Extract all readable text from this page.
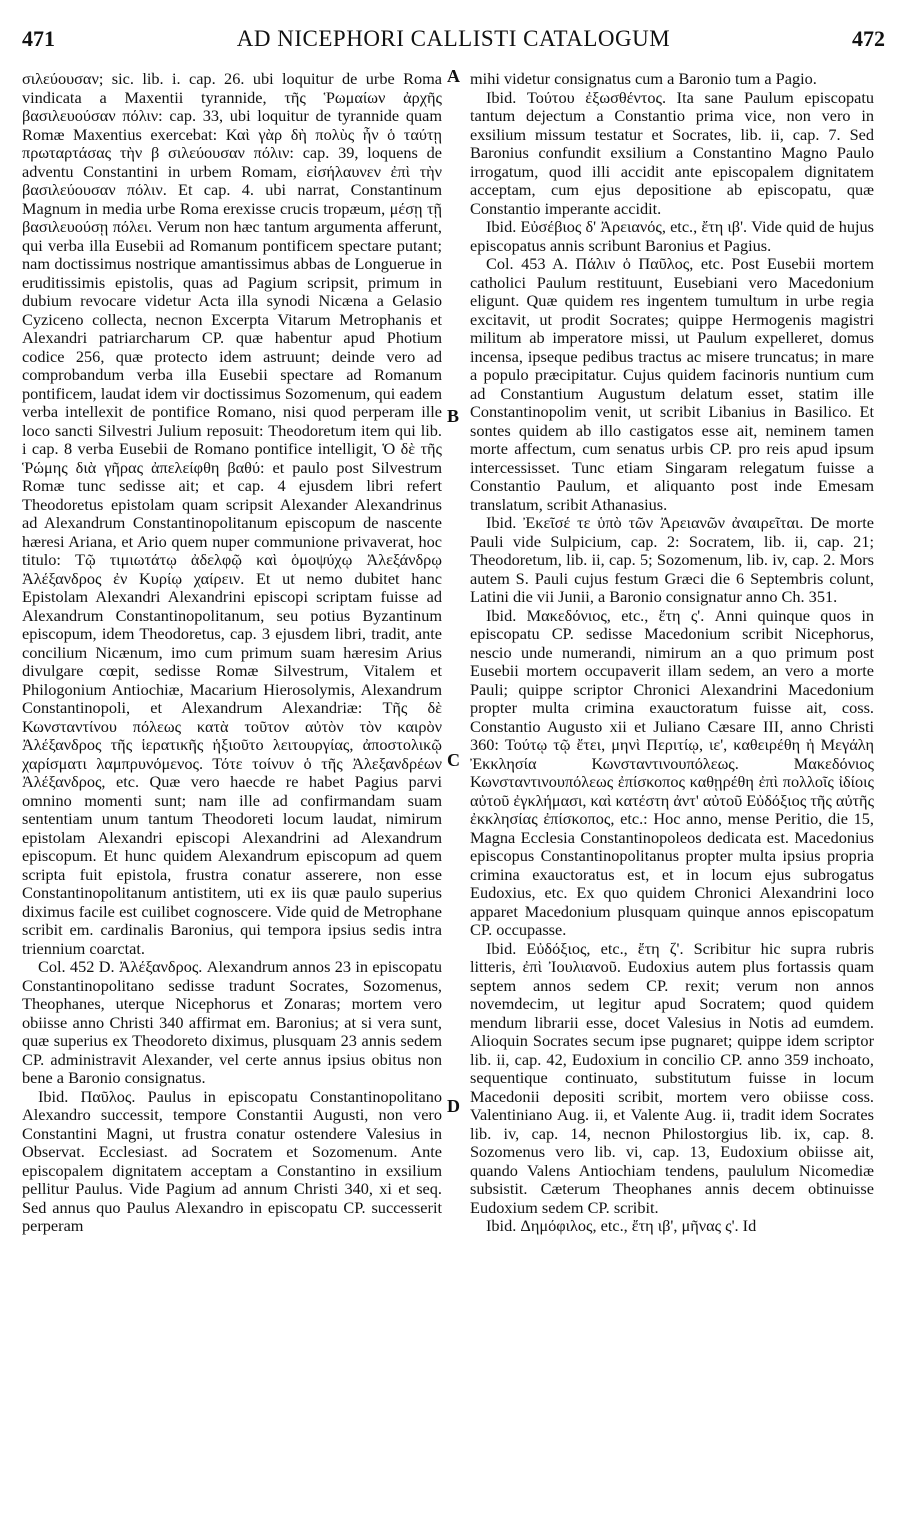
471	AD NICEPHORI CALLISTI CATALOGUM	472

σιλεύουσαν; sic. lib. i. cap. 26. ubi loquitur de urbe Roma vindicata a Maxentii tyrannide, τῆς Ῥωμαίων ἀρχῆς βασιλευούσαν πόλιν: cap. 33, ubi loquitur de tyrannide quam Romæ Maxentius exercebat: Καὶ γὰρ δὴ πολὺς ἦν ὁ ταύτῃ πρωταρτάσας τὴν β σιλεύουσαν πόλιν: cap. 39, loquens de adventu Constantini in urbem Romam, εἰσήλαυνεν ἐπὶ τὴν βασιλεύουσαν πόλιν. Et cap. 4. ubi narrat, Constantinum Magnum in media urbe Roma erexisse crucis tropæum, μέσῃ τῇ βασιλευούσῃ πόλει. Verum non hæc tantum argumenta afferunt, qui verba illa Eusebii ad Romanum pontificem spectare putant; nam doctissimus nostrique amantissimus abbas de Longuerue in eruditissimis epistolis, quas ad Pagium scripsit, primum in dubium revocare videtur Acta illa synodi Nicæna a Gelasio Cyziceno collecta, necnon Excerpta Vitarum Metrophanis et Alexandri patriarcharum CP. quæ habentur apud Photium codice 256, quæ protecto idem astruunt; deinde vero ad comprobandum verba illa Eusebii spectare ad Romanum pontificem, laudat idem vir doctissimus Sozomenum, qui eadem verba intellexit de pontifice Romano, nisi quod perperam ille loco sancti Silvestri Julium reposuit: Theodoretum item qui lib. i cap. 8 verba Eusebii de Romano pontifice intelligit, Ὁ δὲ τῆς Ῥώμης διὰ γῆρας ἀπελείφθη βαθύ: et paulo post Silvestrum Romæ tunc sedisse ait; et cap. 4 ejusdem libri refert Theodoretus epistolam quam scripsit Alexander Alexandrinus ad Alexandrum Constantinopolitanum episcopum de nascente hæresi Ariana, et Ario quem nuper communione privaverat, hoc titulo: Τῷ τιμιωτάτῳ ἀδελφῷ καὶ ὁμοψύχῳ Ἀλεξάνδρῳ Ἀλέξανδρος ἐν Κυρίῳ χαίρειν. Et ut nemo dubitet hanc Epistolam Alexandri Alexandrini episcopi scriptam fuisse ad Alexandrum Constantinopolitanum, seu potius Byzantinum episcopum, idem Theodoretus, cap. 3 ejusdem libri, tradit, ante concilium Nicænum, imo cum primum suam hæresim Arius divulgare cœpit, sedisse Romæ Silvestrum, Vitalem et Philogonium Antiochiæ, Macarium Hierosolymis, Alexandrum Constantinopoli, et Alexandrum Alexandriæ: Τῆς δὲ Κωνσταντίνου πόλεως κατὰ τοῦτον αὐτὸν τὸν καιρὸν Ἀλέξανδρος τῆς ἱερατικῆς ἡξιοῦτο λειτουργίας, ἀποστολικῷ χαρίσματι λαμπρυνόμενος. Τότε τοίνυν ὁ τῆς Ἀλεξανδρέων Ἀλέξανδρος, etc. Quæ vero haecde re habet Pagius parvi omnino momenti sunt; nam ille ad confirmandam suam sententiam unum tantum Theodoreti locum laudat, nimirum epistolam Alexandri episcopi Alexandrini ad Alexandrum episcopum. Et hunc quidem Alexandrum episcopum ad quem scripta fuit epistola, frustra conatur asserere, non esse Constantinopolitanum antistitem, uti ex iis quæ paulo superius diximus facile est cuilibet cognoscere. Vide quid de Metrophane scribit em. cardinalis Baronius, qui tempora ipsius sedis intra triennium coarctat.

Col. 452 D. Ἀλέξανδρος. Alexandrum annos 23 in episcopatu Constantinopolitano sedisse tradunt Socrates, Sozomenus, Theophanes, uterque Nicephorus et Zonaras; mortem vero obiisse anno Christi 340 affirmat em. Baronius; at si vera sunt, quæ superius ex Theodoreto diximus, plusquam 23 annis sedem CP. administravit Alexander, vel certe annus ipsius obitus non bene a Baronio consignatus.

Ibid. Παῦλος. Paulus in episcopatu Constantinopolitano Alexandro successit, tempore Constantii Augusti, non vero Constantini Magni, ut frustra conatur ostendere Valesius in Observat. Ecclesiast. ad Socratem et Sozomenum. Ante episcopalem dignitatem acceptam a Constantino in exsilium pellitur Paulus. Vide Pagium ad annum Christi 340, xi et seq. Sed annus quo Paulus Alexandro in episcopatu CP. successerit perperam

A
B
C
D

mihi videtur consignatus cum a Baronio tum a Pagio.

Ibid. Τούτου ἐξωσθέντος. Ita sane Paulum episcopatu tantum dejectum a Constantio prima vice, non vero in exsilium missum testatur et Socrates, lib. ii, cap. 7. Sed Baronius confundit exsilium a Constantino Magno Paulo irrogatum, quod illi accidit ante episcopalem dignitatem acceptam, cum ejus depositione ab episcopatu, quæ Constantio imperante accidit.

Ibid. Εὐσέβιος δ' Ἀρειανός, etc., ἔτη ιβ'. Vide quid de hujus episcopatus annis scribunt Baronius et Pagius.

Col. 453 A. Πάλιν ὁ Παῦλος, etc. Post Eusebii mortem catholici Paulum restituunt, Eusebiani vero Macedonium eligunt. Quæ quidem res ingentem tumultum in urbe regia excitavit, ut prodit Socrates; quippe Hermogenis magistri militum ab imperatore missi, ut Paulum expelleret, domus incensa, ipseque pedibus tractus ac misere truncatus; in mare a populo præcipitatur. Cujus quidem facinoris nuntium cum ad Constantium Augustum delatum esset, statim ille Constantinopolim venit, ut scribit Libanius in Basilico. Et sontes quidem ab illo castigatos esse ait, neminem tamen morte affectum, cum senatus urbis CP. pro reis apud ipsum intercessisset. Tunc etiam Singaram relegatum fuisse a Constantio Paulum, et aliquanto post inde Emesam translatum, scribit Athanasius.

Ibid. Ἐκεῖσέ τε ὑπὸ τῶν Ἀρειανῶν ἀναιρεῖται. De morte Pauli vide Sulpicium, cap. 2: Socratem, lib. ii, cap. 21; Theodoretum, lib. ii, cap. 5; Sozomenum, lib. iv, cap. 2. Mors autem S. Pauli cujus festum Græci die 6 Septembris colunt, Latini die vii Junii, a Baronio consignatur anno Ch. 351.

Ibid. Μακεδόνιος, etc., ἔτη ς'. Anni quinque quos in episcopatu CP. sedisse Macedonium scribit Nicephorus, nescio unde numerandi, nimirum an a quo primum post Eusebii mortem occupaverit illam sedem, an vero a morte Pauli; quippe scriptor Chronici Alexandrini Macedonium propter multa crimina exauctoratum fuisse ait, coss. Constantio Augusto xii et Juliano Cæsare III, anno Christi 360: Τούτῳ τῷ ἔτει, μηνὶ Περιτίῳ, ιε', καθειρέθη ἡ Μεγάλη Ἐκκλησία Κωνσταντινουπόλεως. Μακεδόνιος Κωνσταντινουπόλεως ἐπίσκοπος καθῃρέθη ἐπὶ πολλοῖς ἰδίοις αὐτοῦ ἐγκλήμασι, καὶ κατέστη ἀντ' αὐτοῦ Εὐδόξιος τῆς αὐτῆς ἐκκλησίας ἐπίσκοπος, etc.: Hoc anno, mense Peritio, die 15, Magna Ecclesia Constantinopoleos dedicata est. Macedonius episcopus Constantinopolitanus propter multa ipsius propria crimina exauctoratus est, et in locum ejus subrogatus Eudoxius, etc. Ex quo quidem Chronici Alexandrini loco apparet Macedonium plusquam quinque annos episcopatum CP. occupasse.

Ibid. Εὐδόξιος, etc., ἔτη ζ'. Scribitur hic supra rubris litteris, ἐπὶ Ἰουλιανοῦ. Eudoxius autem plus fortassis quam septem annos sedem CP. rexit; verum non annos novemdecim, ut legitur apud Socratem; quod quidem mendum librarii esse, docet Valesius in Notis ad eumdem. Alioquin Socrates secum ipse pugnaret; quippe idem scriptor lib. ii, cap. 42, Eudoxium in concilio CP. anno 359 inchoato, sequentique continuato, substitutum fuisse in locum Macedonii depositi scribit, mortem vero obiisse coss. Valentiniano Aug. ii, et Valente Aug. ii, tradit idem Socrates lib. iv, cap. 14, necnon Philostorgius lib. ix, cap. 8. Sozomenus vero lib. vi, cap. 13, Eudoxium obiisse ait, quando Valens Antiochiam tendens, paululum Nicomediæ subsistit. Cæterum Theophanes annis decem obtinuisse Eudoxium sedem CP. scribit.

Ibid. Δημόφιλος, etc., ἔτη ιβ', μῆνας ς'. Id
